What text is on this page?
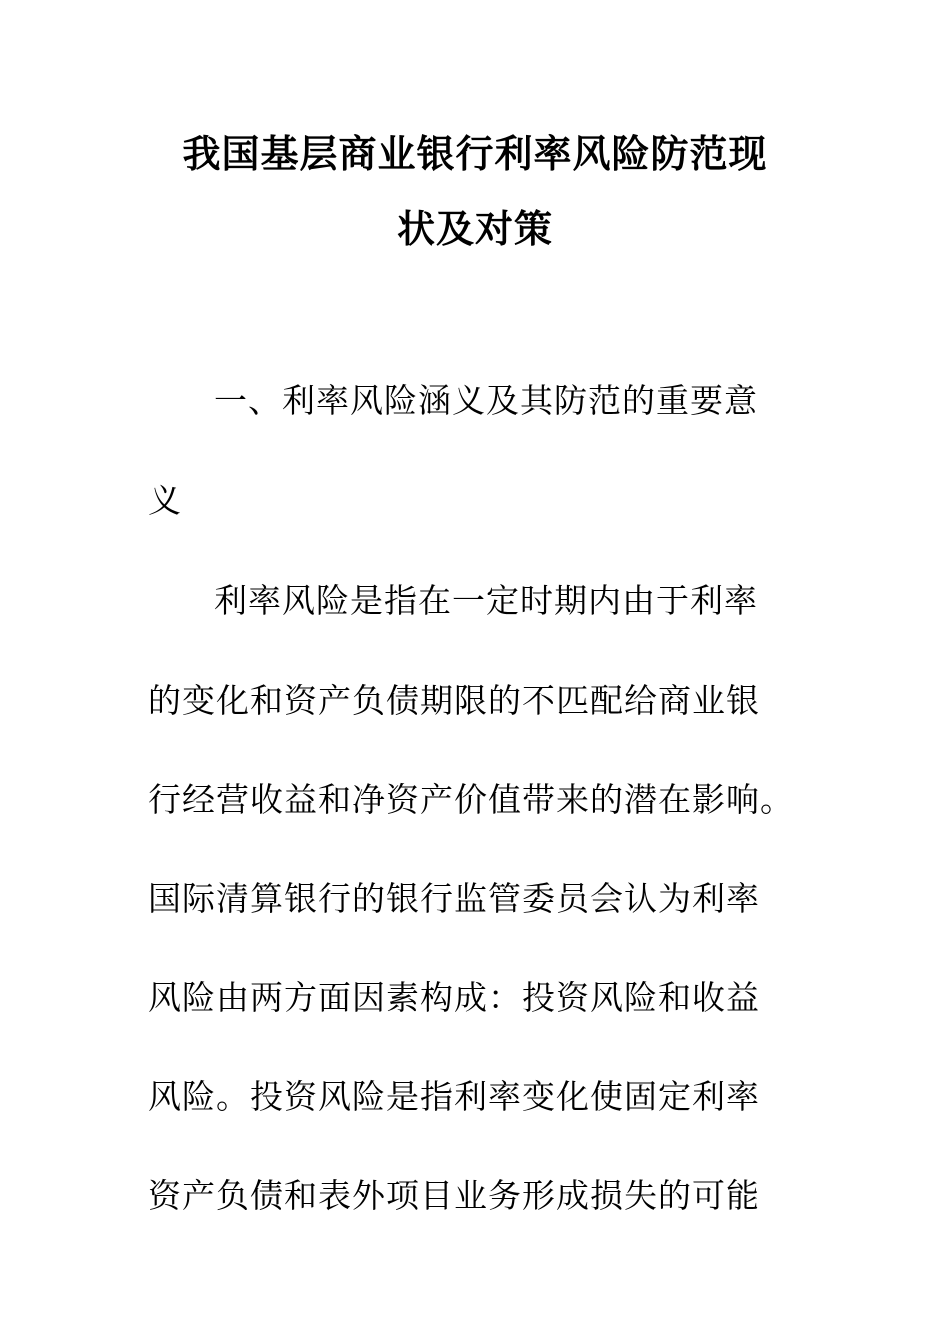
我国基层商业银行利率风险防范现
状及对策
一、利率风险涵义及其防范的重要意
义
利率风险是指在一定时期内由于利率
的变化和资产负债期限的不匹配给商业银
行经营收益和净资产价值带来的潜在影响。
国际清算银行的银行监管委员会认为利率
风险由两方面因素构成：投资风险和收益
风险。投资风险是指利率变化使固定利率
资产负债和表外项目业务形成损失的可能
